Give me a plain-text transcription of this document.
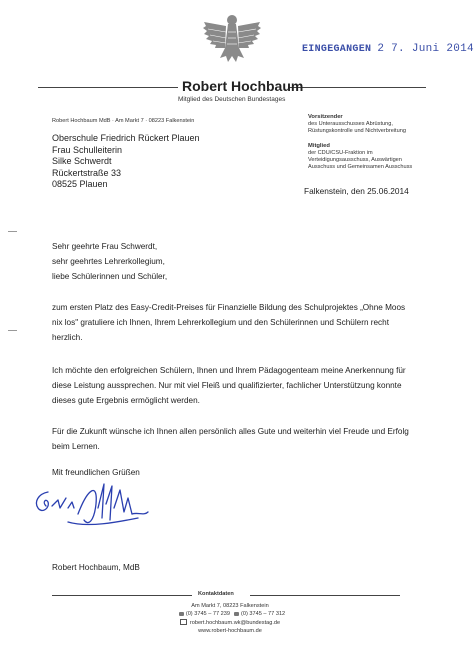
EINGEGANGEN 2 7. Juni 2014
Robert Hochbaum
Mitglied des Deutschen Bundestages
Robert Hochbaum MdB · Am Markt 7 · 08223 Falkenstein
Vorsitzender
des Unterausschusses Abrüstung,
Rüstungskontrolle und Nichtverbreitung
Mitglied
der CDU/CSU-Fraktion im
Verteidigungsausschuss, Auswärtigen
Ausschuss und Gemeinsamen Ausschuss
Oberschule Friedrich Rückert Plauen
Frau Schulleiterin
Silke Schwerdt
Rückertstraße 33
08525 Plauen
Falkenstein, den 25.06.2014
Sehr geehrte Frau Schwerdt,
sehr geehrtes Lehrerkollegium,
liebe Schülerinnen und Schüler,
zum ersten Platz des Easy-Credit-Preises für Finanzielle Bildung des Schulprojektes „Ohne Moos nix los" gratuliere ich Ihnen, Ihrem Lehrerkollegium und den Schülerinnen und Schülern recht herzlich.
Ich möchte den erfolgreichen Schülern, Ihnen und Ihrem Pädagogenteam meine Anerkennung für diese Leistung aussprechen. Nur mit viel Fleiß und qualifizierter, fachlicher Unterstützung konnte dieses gute Ergebnis ermöglicht werden.
Für die Zukunft wünsche ich Ihnen allen persönlich alles Gute und weiterhin viel Freude und Erfolg beim Lernen.
Mit freundlichen Grüßen
Robert Hochbaum, MdB
Kontaktdaten
Am Markt 7, 08223 Falkenstein
(0) 3745 – 77 239 (0) 3745 – 77 312
robert.hochbaum.wk@bundestag.de
www.robert-hochbaum.de
